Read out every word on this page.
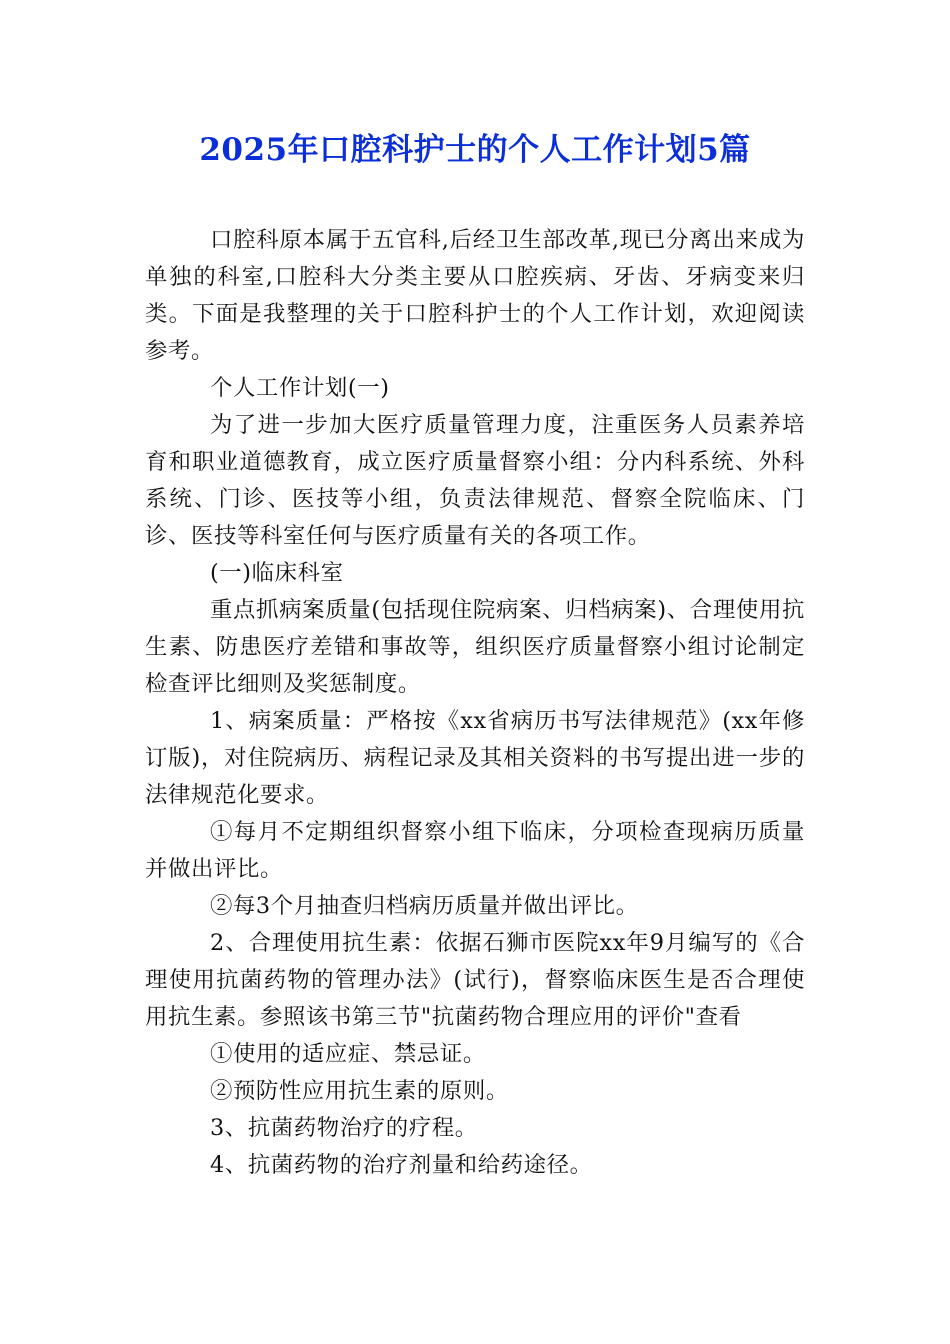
2025年口腔科护士的个人工作计划5篇

口腔科原本属于五官科,后经卫生部改革,现已分离出来成为单独的科室,口腔科大分类主要从口腔疾病、牙齿、牙病变来归类。下面是我整理的关于口腔科护士的个人工作计划，欢迎阅读参考。

个人工作计划(一)

为了进一步加大医疗质量管理力度，注重医务人员素养培育和职业道德教育，成立医疗质量督察小组：分内科系统、外科系统、门诊、医技等小组，负责法律规范、督察全院临床、门诊、医技等科室任何与医疗质量有关的各项工作。

(一)临床科室

重点抓病案质量(包括现住院病案、归档病案)、合理使用抗生素、防患医疗差错和事故等，组织医疗质量督察小组讨论制定检查评比细则及奖惩制度。

1、病案质量：严格按《xx省病历书写法律规范》(xx年修订版)，对住院病历、病程记录及其相关资料的书写提出进一步的法律规范化要求。

①每月不定期组织督察小组下临床，分项检查现病历质量并做出评比。

②每3个月抽查归档病历质量并做出评比。

2、合理使用抗生素：依据石狮市医院xx年9月编写的《合理使用抗菌药物的管理办法》(试行)，督察临床医生是否合理使用抗生素。参照该书第三节"抗菌药物合理应用的评价"查看

①使用的适应症、禁忌证。

②预防性应用抗生素的原则。

3、抗菌药物治疗的疗程。

4、抗菌药物的治疗剂量和给药途径。
